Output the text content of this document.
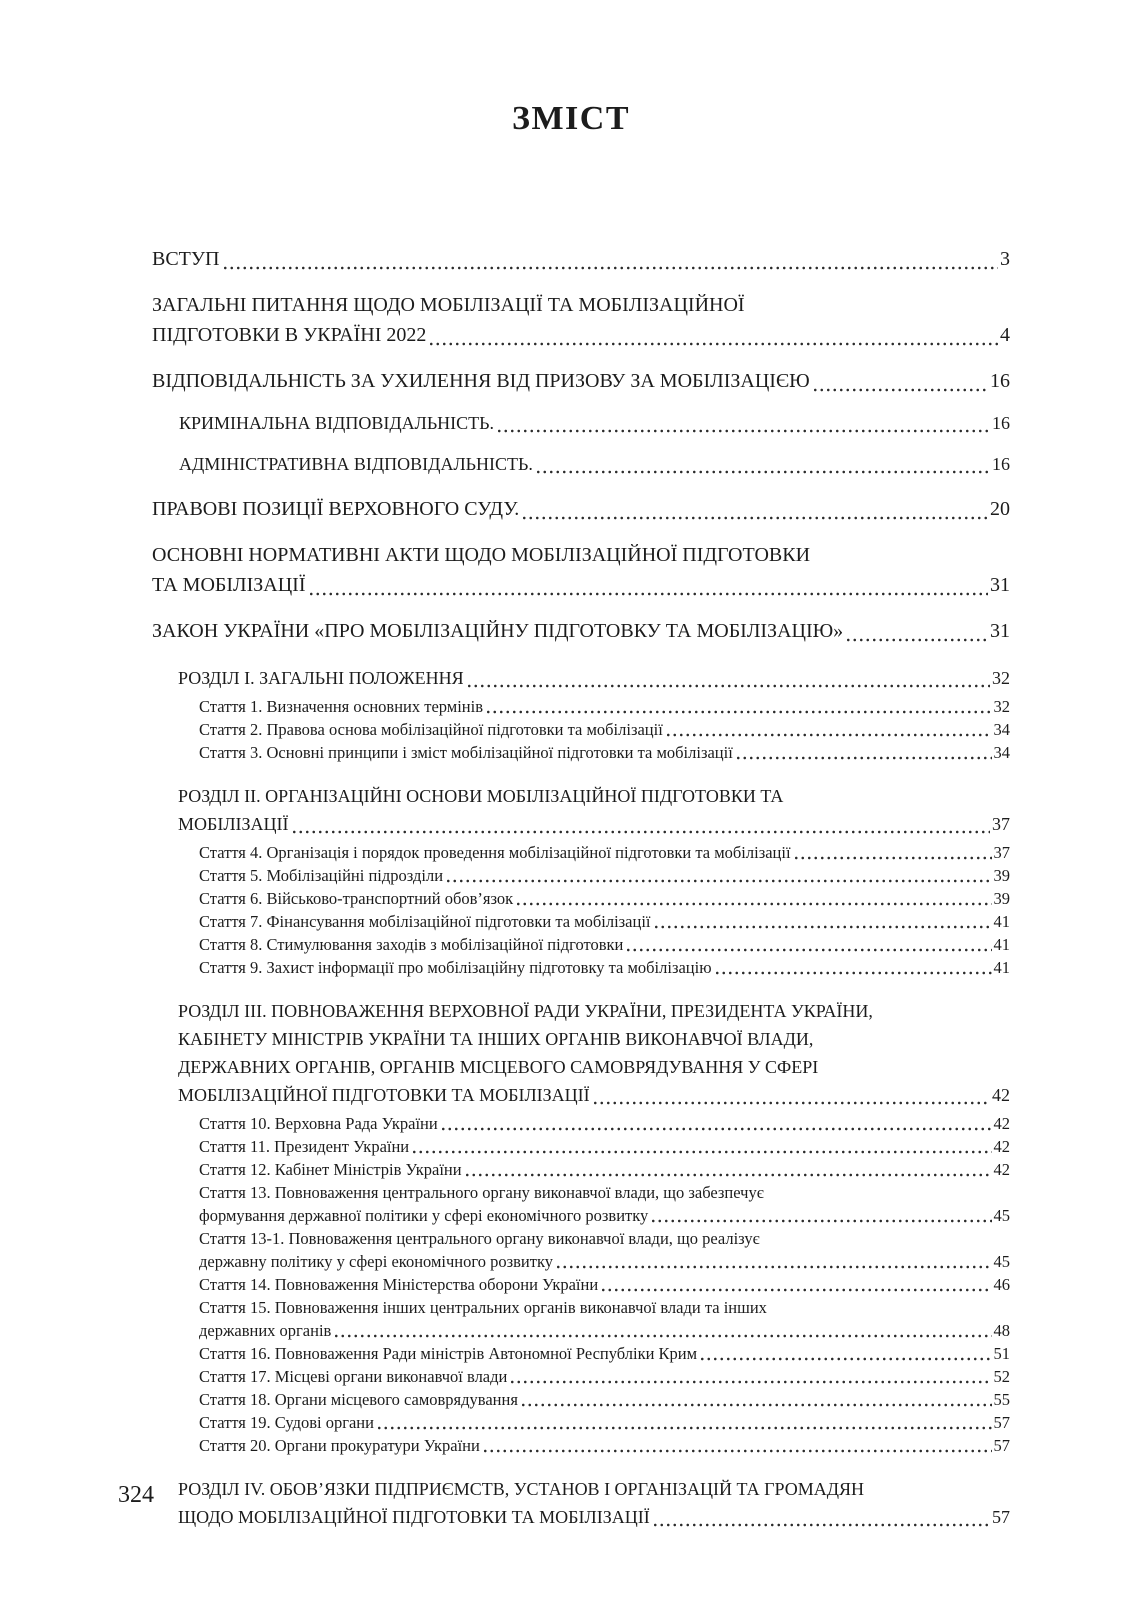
ЗМІСТ
ВСТУП	3
ЗАГАЛЬНІ ПИТАННЯ ЩОДО МОБІЛІЗАЦІЇ ТА МОБІЛІЗАЦІЙНОЇ
ПІДГОТОВКИ В УКРАЇНІ 2022	4
ВІДПОВІДАЛЬНІСТЬ ЗА УХИЛЕННЯ ВІД ПРИЗОВУ ЗА МОБІЛІЗАЦІЄЮ	16
КРИМІНАЛЬНА ВІДПОВІДАЛЬНІСТЬ.	16
АДМІНІСТРАТИВНА ВІДПОВІДАЛЬНІСТЬ.	16
ПРАВОВІ ПОЗИЦІЇ ВЕРХОВНОГО СУДУ.	20
ОСНОВНІ НОРМАТИВНІ АКТИ ЩОДО МОБІЛІЗАЦІЙНОЇ ПІДГОТОВКИ
ТА МОБІЛІЗАЦІЇ	31
ЗАКОН УКРАЇНИ «ПРО МОБІЛІЗАЦІЙНУ ПІДГОТОВКУ ТА МОБІЛІЗАЦІЮ»	31
РОЗДІЛ I. ЗАГАЛЬНІ ПОЛОЖЕННЯ	32
Стаття 1. Визначення основних термінів	32
Стаття 2. Правова основа мобілізаційної підготовки та мобілізації	34
Стаття 3. Основні принципи і зміст мобілізаційної підготовки та мобілізації	34
РОЗДІЛ II. ОРГАНІЗАЦІЙНІ ОСНОВИ МОБІЛІЗАЦІЙНОЇ ПІДГОТОВКИ ТА
МОБІЛІЗАЦІЇ	37
Стаття 4. Організація і порядок проведення мобілізаційної підготовки та мобілізації	37
Стаття 5. Мобілізаційні підрозділи	39
Стаття 6. Військово-транспортний обов’язок	39
Стаття 7. Фінансування мобілізаційної підготовки та мобілізації	41
Стаття 8. Стимулювання заходів з мобілізаційної підготовки	41
Стаття 9. Захист інформації про мобілізаційну підготовку та мобілізацію	41
РОЗДІЛ III. ПОВНОВАЖЕННЯ ВЕРХОВНОЇ РАДИ УКРАЇНИ, ПРЕЗИДЕНТА УКРАЇНИ,
КАБІНЕТУ МІНІСТРІВ УКРАЇНИ ТА ІНШИХ ОРГАНІВ ВИКОНАВЧОЇ ВЛАДИ,
ДЕРЖАВНИХ ОРГАНІВ, ОРГАНІВ МІСЦЕВОГО САМОВРЯДУВАННЯ У СФЕРІ
МОБІЛІЗАЦІЙНОЇ ПІДГОТОВКИ ТА МОБІЛІЗАЦІЇ	42
Стаття 10. Верховна Рада України	42
Стаття 11. Президент України	42
Стаття 12. Кабінет Міністрів України	42
Стаття 13. Повноваження центрального органу виконавчої влади, що забезпечує
формування державної політики у сфері економічного розвитку	45
Стаття 13-1. Повноваження центрального органу виконавчої влади, що реалізує
державну політику у сфері економічного розвитку	45
Стаття 14. Повноваження Міністерства оборони України	46
Стаття 15. Повноваження інших центральних органів виконавчої влади та інших
державних органів	48
Стаття 16. Повноваження Ради міністрів Автономної Республіки Крим	51
Стаття 17. Місцеві органи виконавчої влади	52
Стаття 18. Органи місцевого самоврядування	55
Стаття 19. Судові органи	57
Стаття 20. Органи прокуратури України	57
РОЗДІЛ IV. ОБОВ’ЯЗКИ ПІДПРИЄМСТВ, УСТАНОВ І ОРГАНІЗАЦІЙ ТА ГРОМАДЯН
ЩОДО МОБІЛІЗАЦІЙНОЇ ПІДГОТОВКИ ТА МОБІЛІЗАЦІЇ	57
324
